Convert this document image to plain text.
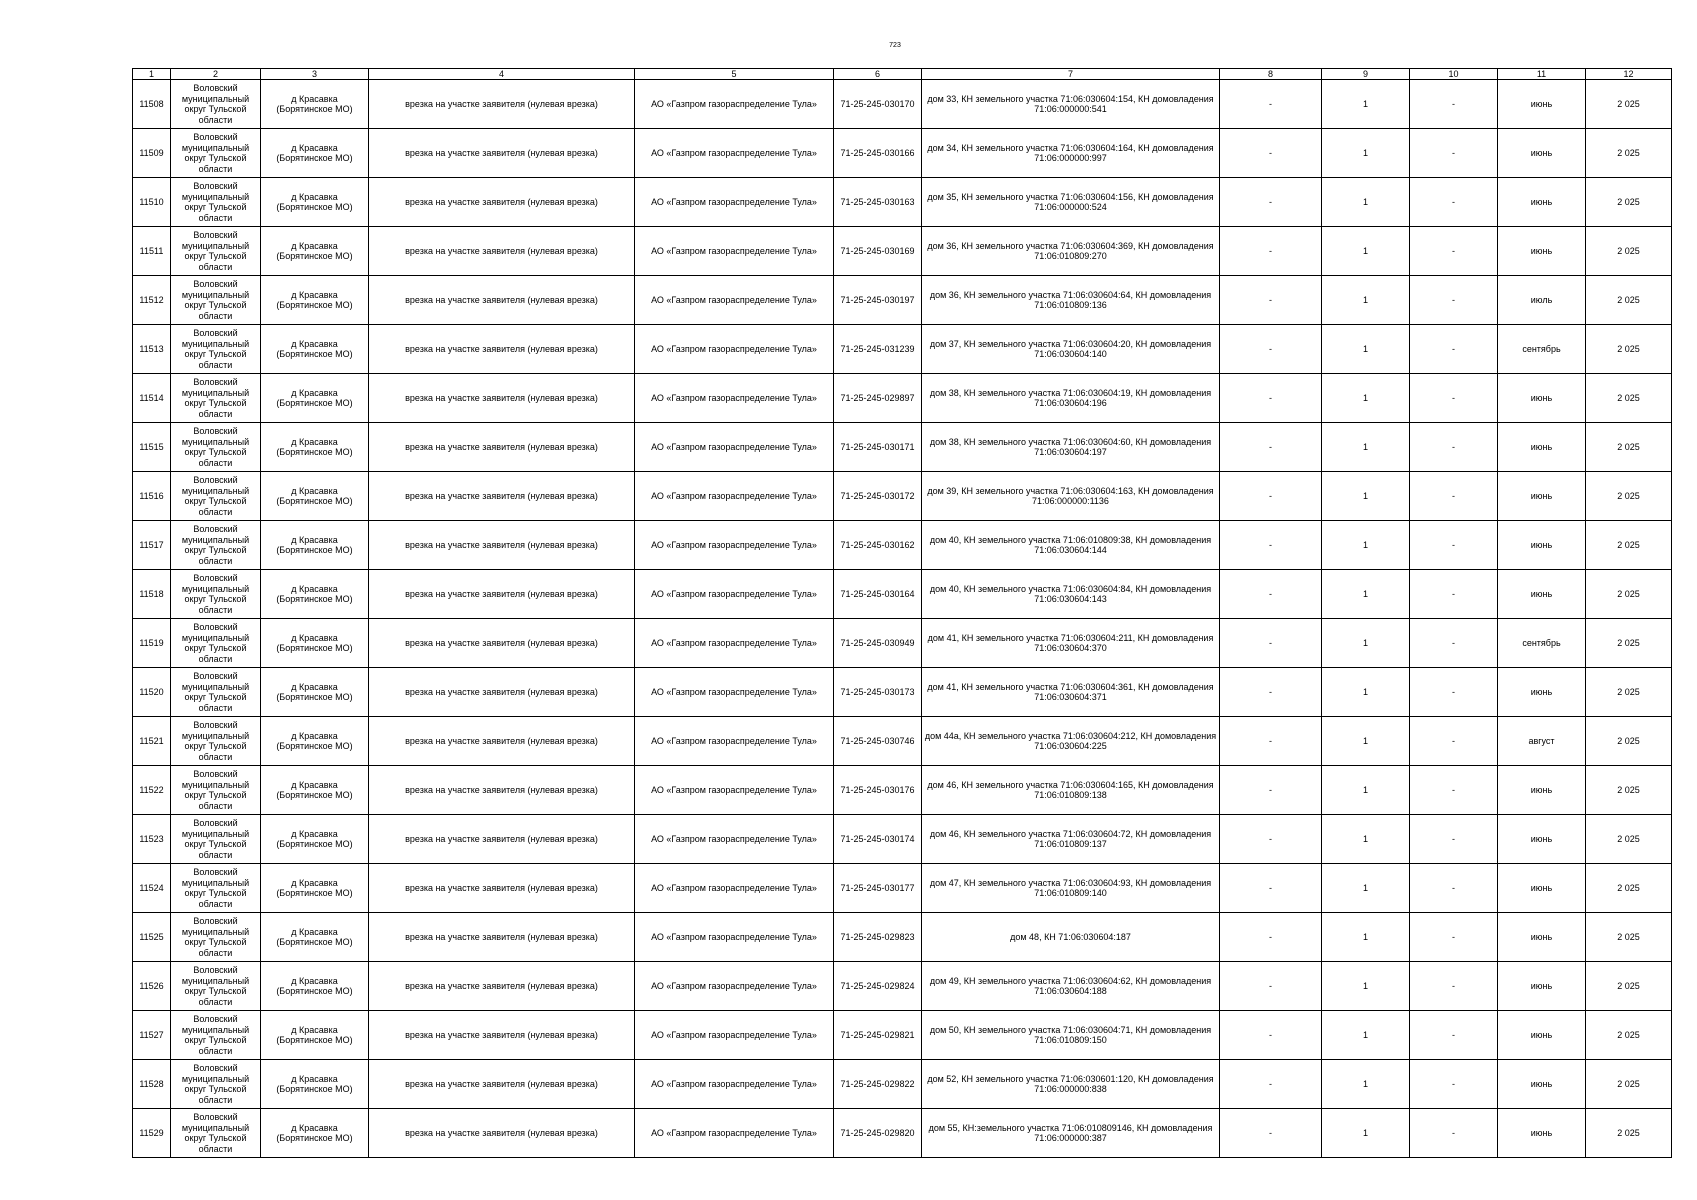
723
1	2	3	4	5	6	7	8	9	10	11	12
11508	Воловский муниципальный округ Тульской области	д Красавка (Борятинское МО)	врезка на участке заявителя (нулевая врезка)	АО «Газпром газораспределение Тула»	71-25-245-030170	дом 33, КН земельного участка 71:06:030604:154, КН домовладения 71:06:000000:541	-	1	-	июнь	2 025
11509	Воловский муниципальный округ Тульской области	д Красавка (Борятинское МО)	врезка на участке заявителя (нулевая врезка)	АО «Газпром газораспределение Тула»	71-25-245-030166	дом 34, КН земельного участка 71:06:030604:164, КН домовладения 71:06:000000:997	-	1	-	июнь	2 025
11510	Воловский муниципальный округ Тульской области	д Красавка (Борятинское МО)	врезка на участке заявителя (нулевая врезка)	АО «Газпром газораспределение Тула»	71-25-245-030163	дом 35, КН земельного участка 71:06:030604:156, КН домовладения 71:06:000000:524	-	1	-	июнь	2 025
11511	Воловский муниципальный округ Тульской области	д Красавка (Борятинское МО)	врезка на участке заявителя (нулевая врезка)	АО «Газпром газораспределение Тула»	71-25-245-030169	дом 36, КН земельного участка 71:06:030604:369, КН домовладения 71:06:010809:270	-	1	-	июнь	2 025
11512	Воловский муниципальный округ Тульской области	д Красавка (Борятинское МО)	врезка на участке заявителя (нулевая врезка)	АО «Газпром газораспределение Тула»	71-25-245-030197	дом 36, КН земельного участка 71:06:030604:64, КН домовладения 71:06:010809:136	-	1	-	июль	2 025
11513	Воловский муниципальный округ Тульской области	д Красавка (Борятинское МО)	врезка на участке заявителя (нулевая врезка)	АО «Газпром газораспределение Тула»	71-25-245-031239	дом 37, КН земельного участка 71:06:030604:20, КН домовладения 71:06:030604:140	-	1	-	сентябрь	2 025
11514	Воловский муниципальный округ Тульской области	д Красавка (Борятинское МО)	врезка на участке заявителя (нулевая врезка)	АО «Газпром газораспределение Тула»	71-25-245-029897	дом 38, КН земельного участка 71:06:030604:19, КН домовладения 71:06:030604:196	-	1	-	июнь	2 025
11515	Воловский муниципальный округ Тульской области	д Красавка (Борятинское МО)	врезка на участке заявителя (нулевая врезка)	АО «Газпром газораспределение Тула»	71-25-245-030171	дом 38, КН земельного участка 71:06:030604:60, КН домовладения 71:06:030604:197	-	1	-	июнь	2 025
11516	Воловский муниципальный округ Тульской области	д Красавка (Борятинское МО)	врезка на участке заявителя (нулевая врезка)	АО «Газпром газораспределение Тула»	71-25-245-030172	дом 39, КН земельного участка 71:06:030604:163, КН домовладения 71:06:000000:1136	-	1	-	июнь	2 025
11517	Воловский муниципальный округ Тульской области	д Красавка (Борятинское МО)	врезка на участке заявителя (нулевая врезка)	АО «Газпром газораспределение Тула»	71-25-245-030162	дом 40, КН земельного участка 71:06:010809:38, КН домовладения 71:06:030604:144	-	1	-	июнь	2 025
11518	Воловский муниципальный округ Тульской области	д Красавка (Борятинское МО)	врезка на участке заявителя (нулевая врезка)	АО «Газпром газораспределение Тула»	71-25-245-030164	дом 40, КН земельного участка 71:06:030604:84, КН домовладения 71:06:030604:143	-	1	-	июнь	2 025
11519	Воловский муниципальный округ Тульской области	д Красавка (Борятинское МО)	врезка на участке заявителя (нулевая врезка)	АО «Газпром газораспределение Тула»	71-25-245-030949	дом 41, КН земельного участка 71:06:030604:211, КН домовладения 71:06:030604:370	-	1	-	сентябрь	2 025
11520	Воловский муниципальный округ Тульской области	д Красавка (Борятинское МО)	врезка на участке заявителя (нулевая врезка)	АО «Газпром газораспределение Тула»	71-25-245-030173	дом 41, КН земельного участка 71:06:030604:361, КН домовладения 71:06:030604:371	-	1	-	июнь	2 025
11521	Воловский муниципальный округ Тульской области	д Красавка (Борятинское МО)	врезка на участке заявителя (нулевая врезка)	АО «Газпром газораспределение Тула»	71-25-245-030746	дом 44а, КН земельного участка 71:06:030604:212, КН домовладения 71:06:030604:225	-	1	-	август	2 025
11522	Воловский муниципальный округ Тульской области	д Красавка (Борятинское МО)	врезка на участке заявителя (нулевая врезка)	АО «Газпром газораспределение Тула»	71-25-245-030176	дом 46, КН земельного участка 71:06:030604:165, КН домовладения 71:06:010809:138	-	1	-	июнь	2 025
11523	Воловский муниципальный округ Тульской области	д Красавка (Борятинское МО)	врезка на участке заявителя (нулевая врезка)	АО «Газпром газораспределение Тула»	71-25-245-030174	дом 46, КН земельного участка 71:06:030604:72, КН домовладения 71:06:010809:137	-	1	-	июнь	2 025
11524	Воловский муниципальный округ Тульской области	д Красавка (Борятинское МО)	врезка на участке заявителя (нулевая врезка)	АО «Газпром газораспределение Тула»	71-25-245-030177	дом 47, КН земельного участка 71:06:030604:93, КН домовладения 71:06:010809:140	-	1	-	июнь	2 025
11525	Воловский муниципальный округ Тульской области	д Красавка (Борятинское МО)	врезка на участке заявителя (нулевая врезка)	АО «Газпром газораспределение Тула»	71-25-245-029823	дом 48, КН 71:06:030604:187	-	1	-	июнь	2 025
11526	Воловский муниципальный округ Тульской области	д Красавка (Борятинское МО)	врезка на участке заявителя (нулевая врезка)	АО «Газпром газораспределение Тула»	71-25-245-029824	дом 49, КН земельного участка 71:06:030604:62, КН домовладения 71:06:030604:188	-	1	-	июнь	2 025
11527	Воловский муниципальный округ Тульской области	д Красавка (Борятинское МО)	врезка на участке заявителя (нулевая врезка)	АО «Газпром газораспределение Тула»	71-25-245-029821	дом 50, КН земельного участка 71:06:030604:71, КН домовладения 71:06:010809:150	-	1	-	июнь	2 025
11528	Воловский муниципальный округ Тульской области	д Красавка (Борятинское МО)	врезка на участке заявителя (нулевая врезка)	АО «Газпром газораспределение Тула»	71-25-245-029822	дом 52, КН земельного участка 71:06:030601:120, КН домовладения 71:06:000000:838	-	1	-	июнь	2 025
11529	Воловский муниципальный округ Тульской области	д Красавка (Борятинское МО)	врезка на участке заявителя (нулевая врезка)	АО «Газпром газораспределение Тула»	71-25-245-029820	дом 55, КН:земельного участка 71:06:010809146, КН домовладения 71:06:000000:387	-	1	-	июнь	2 025
